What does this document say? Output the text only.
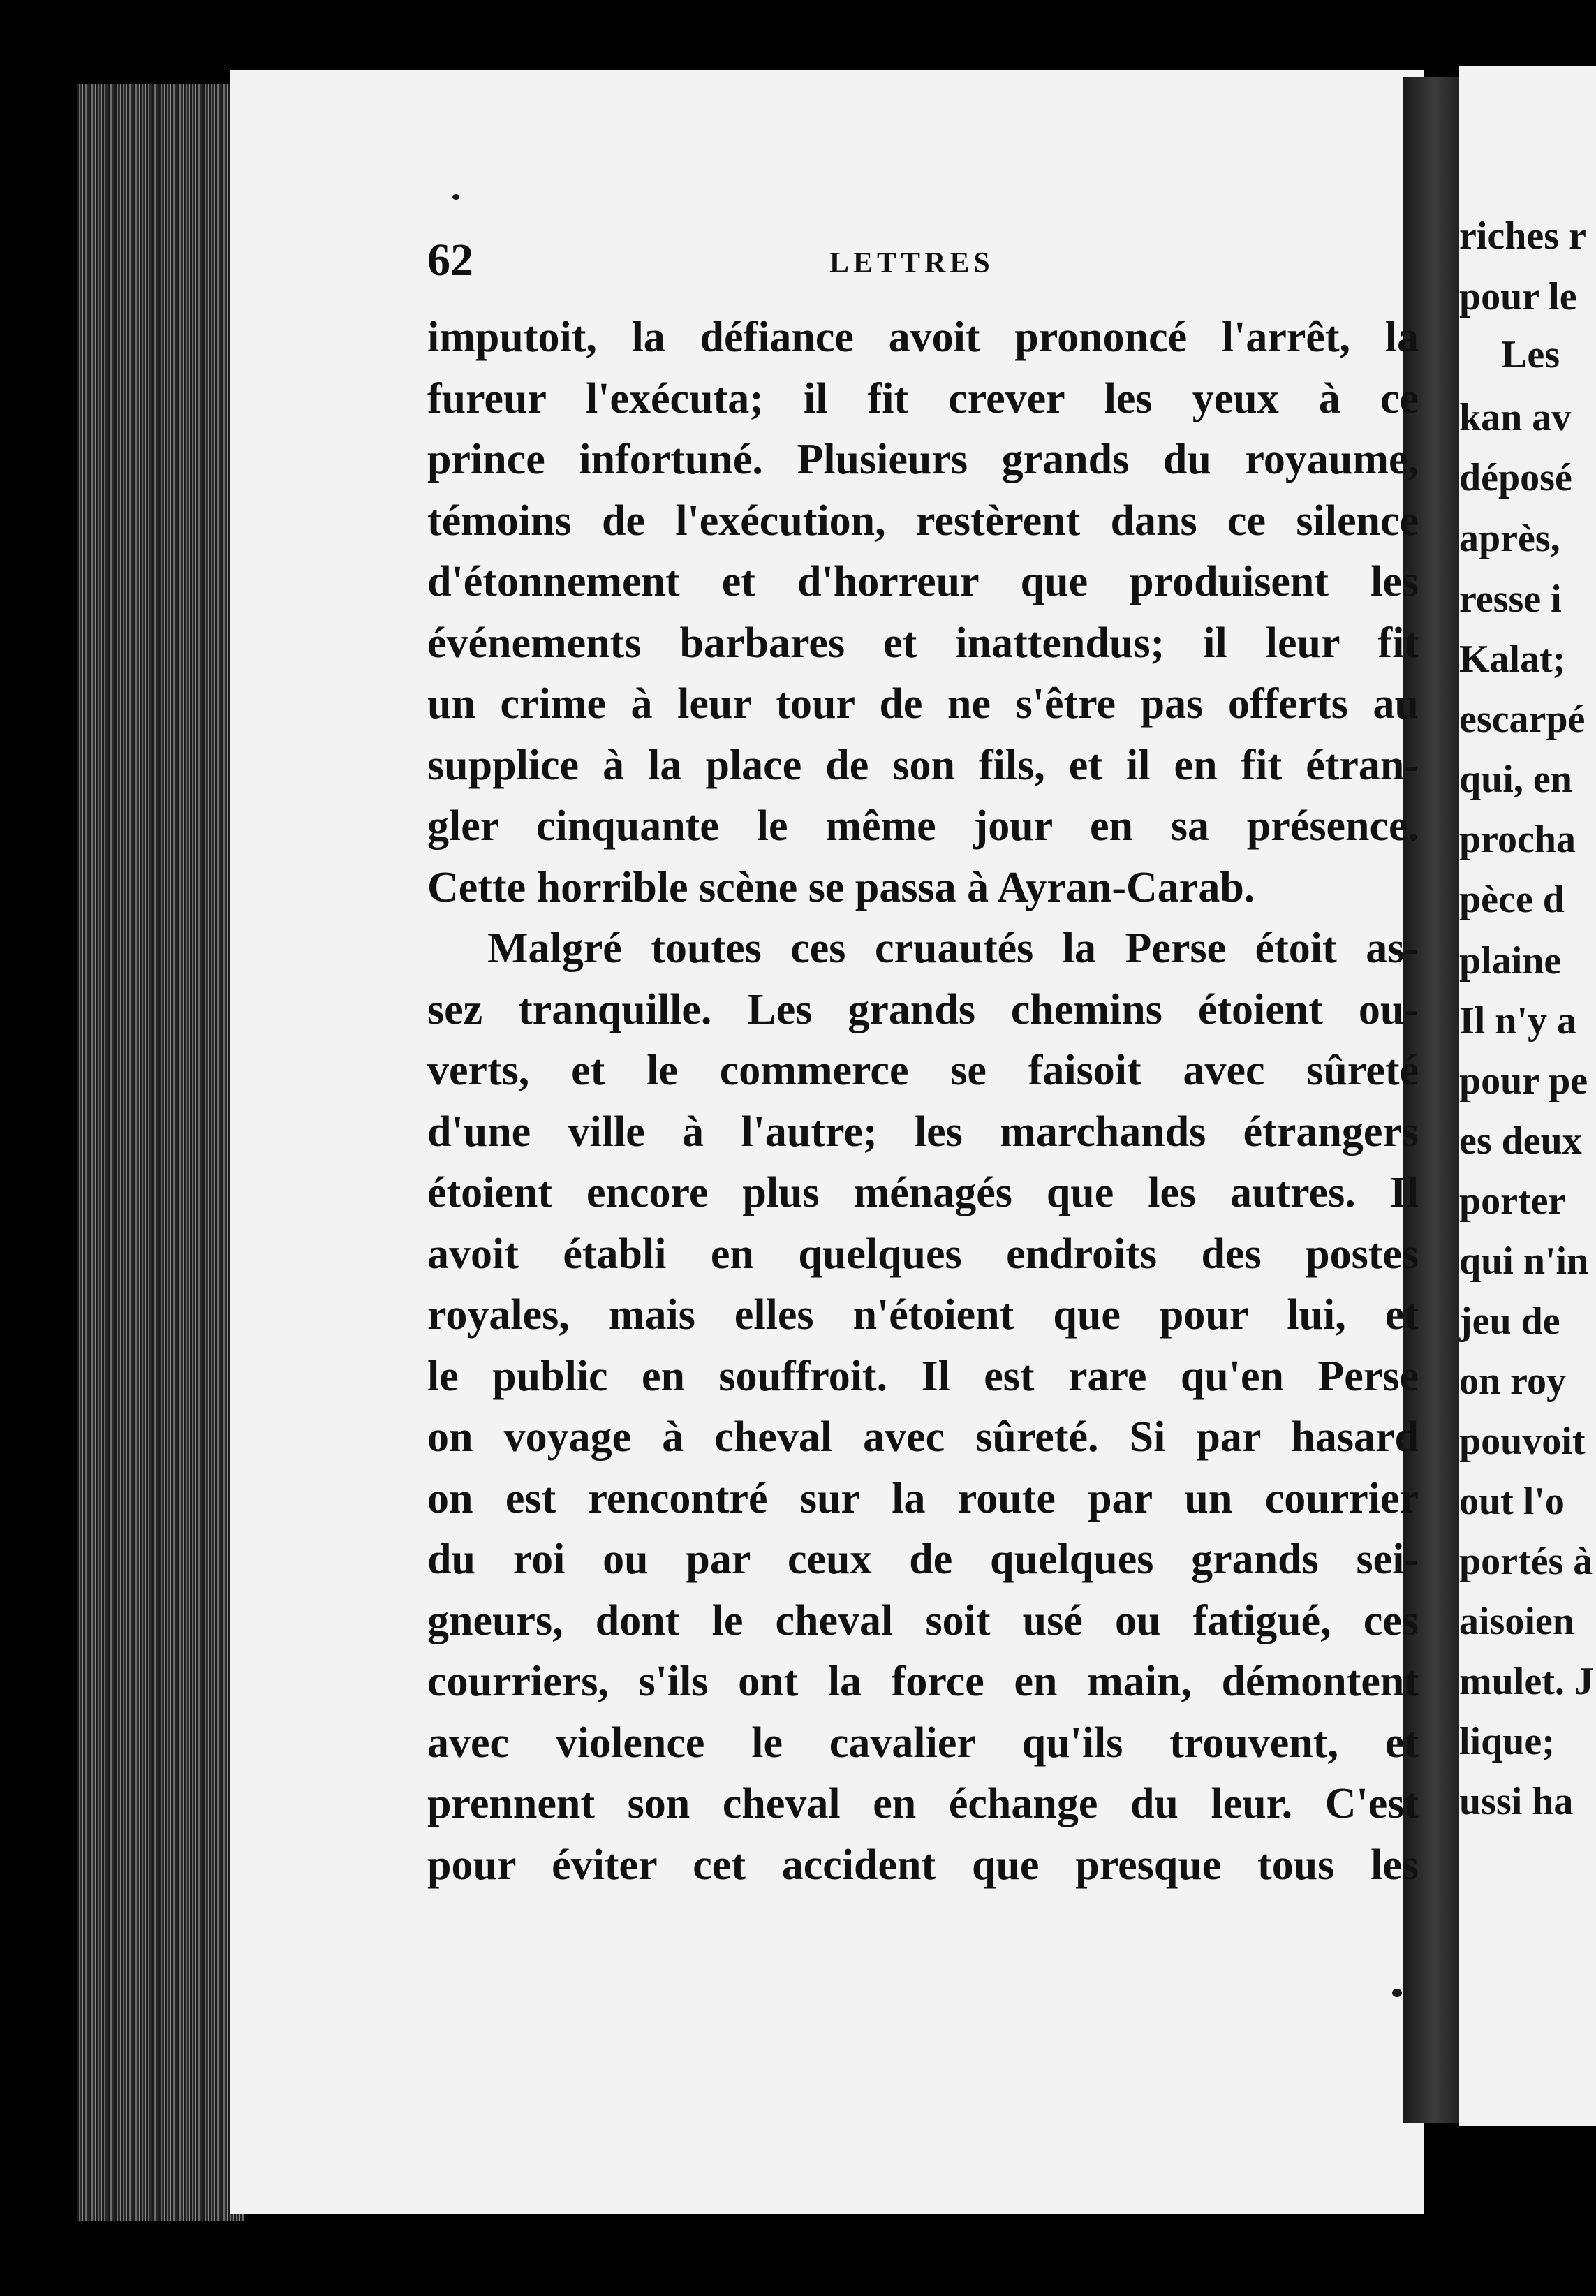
riches r
pour le
Les
kan av
déposé
après,
resse i
Kalat;
escarpé
qui, en
procha
pèce d
plaine
Il n'y a
pour pe
es deux
porter
qui n'in
jeu de
on roy
pouvoit
out l'o
portés à
aisoien
mulet. J
lique;
ussi ha
62	LETTRES
imputoit, la défiance avoit prononcé l'arrêt, la
fureur l'exécuta; il fit crever les yeux à ce
prince infortuné. Plusieurs grands du royaume,
témoins de l'exécution, restèrent dans ce silence
d'étonnement et d'horreur que produisent les
événements barbares et inattendus; il leur fit
un crime à leur tour de ne s'être pas offerts au
supplice à la place de son fils, et il en fit étran-
gler cinquante le même jour en sa présence.
Cette horrible scène se passa à Ayran-Carab.
Malgré toutes ces cruautés la Perse étoit as-
sez tranquille. Les grands chemins étoient ou-
verts, et le commerce se faisoit avec sûreté
d'une ville à l'autre; les marchands étrangers
étoient encore plus ménagés que les autres. Il
avoit établi en quelques endroits des postes
royales, mais elles n'étoient que pour lui, et
le public en souffroit. Il est rare qu'en Perse
on voyage à cheval avec sûreté. Si par hasard
on est rencontré sur la route par un courrier
du roi ou par ceux de quelques grands sei-
gneurs, dont le cheval soit usé ou fatigué, ces
courriers, s'ils ont la force en main, démontent
avec violence le cavalier qu'ils trouvent, et
prennent son cheval en échange du leur. C'est
pour éviter cet accident que presque tous les
